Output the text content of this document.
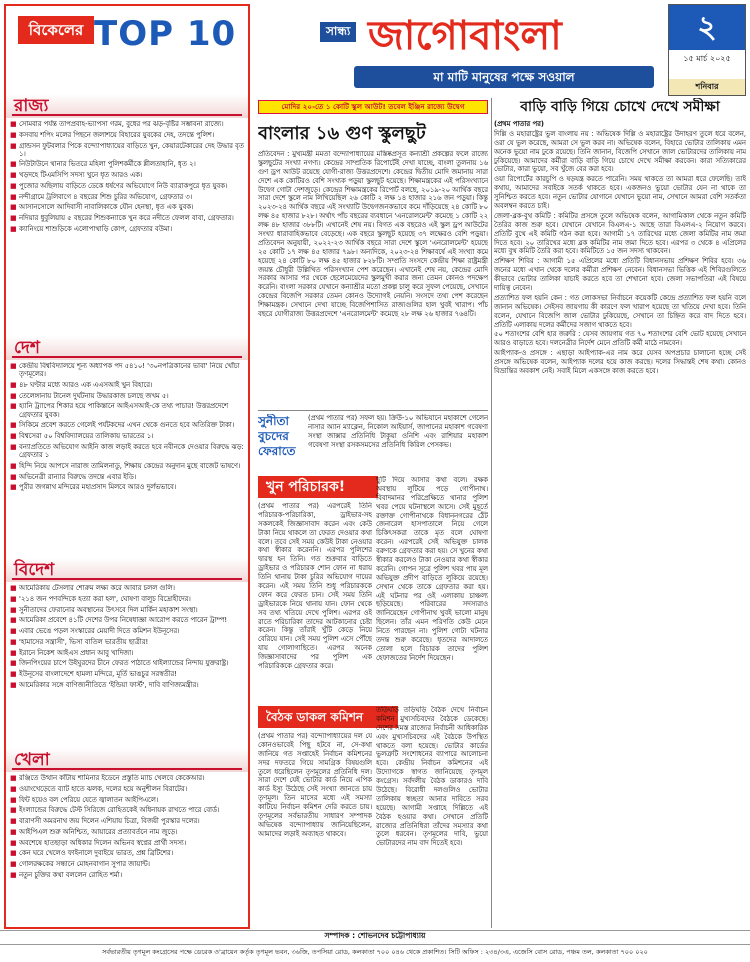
বিকেলের TOP 10
রাজ্য
■ সোমবার পর্যন্ত তাপপ্রবাহ-ভ্যাপসা গরম, বুধের পর ঝড়-বৃষ্টির সম্ভাবনা রাজ্যে।
■ কসবায় শপিং মলের পিছনে জলাশয়ে বিহারের যুবকের দেহ, তদন্তে পুলিশ।
■ গ্রান্ডসন ফুটবলার পিকে বন্দ্যোপাধ্যায়ের বাড়িতে খুন, কেয়ারটেকারের দেহ উদ্ধার বৃত ১।
■ নিউটাউনে থানার ভিতরে মহিলা পুলিশকর্মীকে শ্লীলতাহানি, ধৃত ২।
■ খড়দহে টিএমসিপি সদস্য খুনে ধৃত আরও এক।
■ পুজোর অছিলায় বাড়িতে ডেকে ধর্ষণের অভিযোগে নিউ ব্যারাকপুরে ধৃত যুবক।
■ নন্দীগ্রামে ট্রলিবাগে ৪ বছরের শিশু চুরির অভিযোগ, গ্রেফতার ৩।
■ আসানসোলে আদিবাসী নাবালিকাকে যৌন হেনস্থা, ধৃত এক যুবক।
■ নদিয়ার ধুবুলিয়ায় ৫ বছরের শিশুকন্যাকে খুন করে নদীতে ফেলল বাবা, গ্রেফতার।
■ ক্যানিংয়ে শাশুড়িকে এলোপাথাড়ি কোপ, গ্রেফতার বউমা।
দেশ
■ কেন্দ্রীয় বিশ্ববিদ্যালয়ে শূন্য অধ্যাপক পদ ৫৪১০! '৩০নপত্রিকানের ভাবা' নিয়ে খোঁচা তৃণমূলের।
■ ৪৮ ঘণ্টার মধ্যে আরও এক এএসআই খুন বিহারে।
■ তেলেঙ্গানায় টানেল দুর্ঘটনায় উদ্ধারকাজ চলছে জখম ৫।
■ হ্যানি ট্র্যাপের শিকার হয়ে পাকিস্তানে আইএসআই-কে তথ্য পাচার! উত্তরপ্রদেশে গ্রেফতার যুবক।
■ সিকিমে প্রবেশ করতে গেলেই পর্যটকদের এখন থেকে গুনতে হবে অতিরিক্ত টাকা।
■ বিশ্বসেরা ৫০ বিশ্ববিদ্যালয়ের তালিকায় ভারতের ১।
■ বন্যাপ্রতিতে অভিযোগ আইনি কাজ লড়াই করতে হবে নবীনকে দেওয়ার বিরুদ্ধে ঝড়: গ্রেফতার ১
■ হিন্দি নিয়ে আপসে নারাজ তামিলনাডু, শিক্ষায় কেন্দ্রের অনুদান মুছে বাজেট ভাষণে।
■ অভিনেত্রী রান্যার বিরুদ্ধে তদন্তে এবার ইডি।
■ পুরীর জগন্নাথ মন্দিরের মহাপ্রসাদ মিলবে আরও দুর্লভভাবে।
বিদেশ
■ আমেরিকায় টেসলার শোরুম লক্ষ্য করে আবার চলল গুলি।
■ '২১৪ জন পণবন্দিকে হত্যা করা হল', ঘোষণা বালুচ বিদ্রোহীদের।
■ সুনীতাদের ফেরানোর অবস্থানের উৎসবে দিল মার্কিন মহাকাশ সংস্থা।
■ আমেরিকা প্রবেশে ৪১টি দেশের উপর নিষেধাজ্ঞা আরোপ করতে পারেন ট্রাম্প!
■ এবার ভেঙে পড়ল সংস্কারের মেয়াদী দিতে কমিশন ইউনূসের।
■ 'হামাসের সন্ত্রাসী', ভিসা বাতিল ভারতীয় ছাত্রীর!
■ ইরানে নিকেশ আইএস প্রধান আবু খাদিজা।
■ জিনপিংয়ের চাপে উইঘুরদের চীনে ফেরত পাঠাতে থাইল্যান্ডের নিন্দায় যুক্তরাষ্ট্র।
■ ইউনূসের বাংলাদেশে হামলা মন্দিরে, মূর্তি ভাঙচুর সরস্বতীর!
■ আমেরিকার সঙ্গে বাণিজ্যনীতিতে 'ইন্ডিয়া ফার্স্ট', দাবি বাণিজ্যমন্ত্রীর।
খেলা
■ রঞ্জিতে উত্থান কাঁটায় শামিনার ইডেনে প্রস্তুতি ম্যাচ খেলবে কেকেআর।
■ ওয়াংখেড়েতে ব্যাট হাতে ঝলক, দলের হয়ে অনুশীলন বিরাটের।
■ ফিট হয়েও বল পেরিয়ে যেতে জ্বালাতন আইপিএলে।
■ ইংল্যান্ডের বিরুদ্ধে টেস্ট সিরিজে রোহিতকেই অধিনায়ক রাখতে পারে বোর্ড।
■ বারাণসী অমরনাথ জয় দিলেন এশিয়ায় চিত্রা, বিজয়ী পুরস্কার দলের।
■ আইপিএল শুরু অনিশ্চিত, আয়ারের প্রত্যাবর্তনে নাম জুড়ে।
■ অবশেষে হাতছাড়া অধিকার দিলেন অভিনব স্বপ্নের প্রার্থী সদস্য।
■ কেন ঘরে খেলেও ফাইনালে দুবাইয়ে ভারত, প্রশ্ন ব্রিটিশের।
■ গোলরক্ষকের সন্ধানে মোহনবাগান সুপার জায়ান্ট।
■ নতুন চুক্তির কথা বললেন রোহিত শর্মা।
সান্ধ্য জাগোবাংলা
মা মাটি মানুষের পক্ষে সওয়াল
২
১৫ মার্চ ২০২৫
শনিবার
মোদির ২০-তে ১ কোটি স্কুল আউট! তবেল ইঞ্জিন রাজ্যে উদ্বেগ
বাংলার ১৬ গুণ স্কুলছুট
প্রতিবেদন : মুখ্যমন্ত্রী মমতা বন্দ্যোপাধ্যায়ের মস্তিষ্কপ্রসূত কন্যাশ্রী প্রকল্পের ফলে রাজ্যে স্কুলছুটের সংখ্যা নগণ্য। কেন্দ্রের সাম্প্রতিক রিপোর্টেই দেখা যাচ্ছে, বাংলা তুলনায় ১৬ গুণ ড্রপ আউট রয়েছে যোগী-রাজ্য উত্তরপ্রদেশে। কেন্দ্রের দ্বিতীয় মোদি জমানায় সারা দেশে এক কোটিরও বেশি সংখ্যক পড়ুয়া স্কুলছুট হয়েছে। শিক্ষামন্ত্রকের এই পরিসংখ্যানে উদ্বেগ গোটা দেশজুড়ে। কেন্দ্রের শিক্ষামন্ত্রকের রিপোর্ট বলছে, ২০১৯-২০ আর্থিক বছরে সারা দেশে স্কুলে নাম লিখিয়েছিল ২৬ কোটি ২ লক্ষ ১৪ হাজার ২১৬ জন পড়ুয়া। কিন্তু ২০২৩-২৪ আর্থিক বছরে এই সংখ্যাটি উদ্বেগজনকভাবে কমে দাঁড়িয়েছে ২৪ কোটি ৮০ লক্ষ ৪৫ হাজার ৮২৮। অর্থাৎ পাঁচ বছরের ব্যবধানে 'এনরোলমেন্ট' কমেছে ১ কোটি ২২ লক্ষ ৪৮ হাজার ৩৮৮টি। এখানেই শেষ নয়। বিগত এক বছরেও এই স্কুল ড্রপ আউটের সংখ্যা ধারাবাহিকভাবে বেড়েছে। এক বছরে স্কুলছুট হয়েছে ৩৭ লক্ষেরও বেশি পড়ুয়া। প্রতিবেদন অনুযায়ী, ২০২২-২৩ আর্থিক বছরে সারা দেশে স্কুলে 'এনরোলমেন্ট' হয়েছে ২৫ কোটি ১৭ লক্ষ ৪৫ হাজার ৭৯৮। অন্যদিকে, ২০২৩-২৪ শিক্ষাবর্ষে এই সংখ্যা কমে হয়েছে ২৪ কোটি ৮০ লক্ষ ৪৫ হাজার ৮২৮টি। সম্প্রতি সংসদে কেন্দ্রীয় শিক্ষা রাষ্ট্রমন্ত্রী জয়ন্ত চৌধুরী উল্লিখিত পরিসংখ্যান পেশ করেছেন। এখানেই শেষ নয়, কেন্দ্রের মোদি সরকার আসার পর থেকে ছেলেমেয়েদের স্কুলমুখী করার জন্য তেমন কোনও পদক্ষেপ করেনি। বাংলা সরকার যেখানে কন্যাশ্রীর মতো প্রকল্প চালু করে সুফল পেয়েছে, সেখানে কেন্দ্রের বিজেপি সরকার তেমন কোনও উদ্যোগই নেয়নি। সংসদে তথ্য পেশ করেছেন শিক্ষামন্ত্রক। সেখানে দেখা যাচ্ছে বিজেপিশাসিত রাজ্যগুলির হাল খুবই খারাপ। পাঁচ বছরে যোগীরাজ্য উত্তরপ্রদেশে 'এনরোলমেন্ট' কমেছে ২৮ লক্ষ ২৬ হাজার ৭৬৪টি।
সুনীতা বুচদের ফেরাতে
(প্রথম পাতার পর) সফল হয়। ক্রিউ-১০ অভিযানে মহাকাশে গেলেন নাসার অ্যান ম্যাক্লেন, নিকোল আইয়ার্স, জাপানের মহাকাশ গবেষণা সংস্থা জাক্সার প্রতিনিধি টাকুয়া ওনিশি এবং রাশিয়ার মহাকাশ গবেষণা সংস্থা রসকসমসের প্রতিনিধি কিরিল পেসকভ।
খুন পরিচারক!
(প্রথম পাতার পর) এরপরেই তিনি পরিচারক-পরিচারিকা, ড্রাইভার-সহ সকলকেই জিজ্ঞাসাবাদ করেন এবং কেউ টাকা নিয়ে থাকলে তা ফেরত দেওয়ার কথা বলে। তবে সেই সময় কেউই টাকা নেওয়ার কথা স্বীকার করেননি। এরপর পুলিশের দ্বারস্থ হন তিনি। গত শুক্রবার বাড়িতে ড্রাইভার ও পরিচারক শোন ফোন না ধরায় তিনি থানায় টাকা চুরির অভিযোগ দায়ের করেন। এই সময় তিনি শুধু পরিচারককে ফোন করে ফেরত চান। সেই সময় তিনি ড্রাইভারকে নিয়ে থানায় যান। ফোন থেকে সব তথ্য খতিয়ে দেখে পুলিশ। এরপর ওই রাতে পরিচারিকা তাদের আটকানোর চেষ্টা করেন। কিন্তু তাঁরাই খুঁটি কেড়ে নিয়ে বেরিয়ে যান। সেই সময় পুলিশ এসে পৌঁছে যায় গোলাগাছিতে। এরপর অনেক জিজ্ঞাসাবাদের পর পুলিশ এক পরিচারিককে গ্রেফতার করে।
ছুটি দিয়ে আসার কথা বলে। রক্ষক অবস্থায় লুটিয়ে পড়ে গোপীনাথ। বিবাদমানর পরিপ্রেক্ষিতে থানার পুলিশ খবর পেয়ে ঘটনাস্থলে আসে। সেই মুহূর্তে রক্তাক্ত গোপীনাথকে বিধাননগরের ঠেঁট জেনারেল হাসপাতালে নিয়ে গেলে চিকিৎসকরা তাকে মৃত বলে ঘোষণা করেন। এরপরেই সেই অভিযুক্ত চালক বরুণকে গ্রেফতার করা হয়। সে খুনের কথা স্বীকার করলেও টাকা নেওয়ার কথা স্বীকার করেনি। গোপন সূত্রে পুলিশ খবর পায় মূল অভিযুক্ত প্রদীপ বাড়িতে লুকিয়ে রয়েছে। সেখান থেকে তাকে গ্রেফতার করা হয়। এই ঘটনার পর ওই এলাকায় চাঞ্চল্য ছড়িয়েছে। পরিবারের সদস্যরাও জানিয়েছেন গোপীনাথ খুবই ভালো মানুষ ছিলেন। তাঁর এমন পরিণতি কেউ মেনে নিতে পারছেন না। পুলিশ গোটা ঘটনার তদন্ত শুরু করেছে। ধৃতদের আদালতে তোলা হলে বিচারক তাদের পুলিশ হেফাজতের নির্দেশ দিয়েছেন।
বৈঠক ডাকল কমিশন
(প্রথম পাতার পর) বন্দ্যোপাধ্যায়ের দল যে কোনওভাবেই পিছু হটবে না, সে-কথা জানিয়ে গত সপ্তাহেই নির্বাচন কমিশনের সদর দফতরে গিয়ে সামগ্রিক বিষয়গুলি তুলে ধরেছিলেন তৃণমূলের প্রতিনিধি দল। সারা দেশে যেই ভোটার কার্ড নিয়ে এপিক কার্ড ইস্যু উঠেছে সেই সংখ্যা জানতে চায় তৃণমূল। তিন মাসের মধ্যে এই সমস্যা কাটিয়ে নির্বাচন কমিশন দেরি করতে চায়। তৃণমূলের সর্বভারতীয় সাধারণ সম্পাদক অভিষেক বন্দ্যোপাধ্যায় জানিয়েছিলেন, আমাদের লড়াই অব্যাহত থাকবে।
তড়িঘড়ি তড়িঘড়ি বৈঠক দেখে নির্বাচন কমিশন মুখ্যসচিবদের বৈঠকে ডেকেছে। দেশের সমস্ত রাজ্যের নির্বাচনী আধিকারিক এবং মুখ্যসচিবদের এই বৈঠকে উপস্থিত থাকতে বলা হয়েছে। ভোটার কার্ডের ভুলত্রুটি সংশোধনের ব্যাপারে আলোচনা হবে। কেন্দ্রীয় নির্বাচন কমিশনের এই উদ্যোগকে স্বাগত জানিয়েছে তৃণমূল কংগ্রেস। সর্বদলীয় বৈঠক ডাকারও দাবি উঠেছে। বিরোধী দলগুলিও ভোটার তালিকায় স্বচ্ছতা আনার দাবিতে সরব হয়েছে। আগামী সপ্তাহে দিল্লিতে এই বৈঠক হওয়ার কথা। সেখানে প্রতিটি রাজ্যের প্রতিনিধিরা তাঁদের সমস্যার কথা তুলে ধরবেন। তৃণমূলের দাবি, ভুয়ো ভোটারদের নাম বাদ দিতেই হবে।
বাড়ি বাড়ি গিয়ে চোখে দেখে সমীক্ষা

(প্রথম পাতার পর)

দিল্লি ও মহারাষ্ট্রের ভুল বাংলায় নয় : অভিষেক দিল্লি ও মহারাষ্ট্রের উদাহরণ তুলে ধরে বলেন, ওরা যে ভুল করেছে, আমরা সে ভুল করব না। অভিষেক বলেন, বিহারে ভোটার তালিকায় এমন অনেক ভুয়ো নাম ঢুকে রয়েছে। তিনি জানান, বিজেপি সেখানে জাল ভোটারদের তালিকায় নাম ঢুকিয়েছে। আমাদের কর্মীরা বাড়ি বাড়ি গিয়ে চোখে দেখে সমীক্ষা করবেন। কারা সত্যিকারের ভোটার, কারা ভুয়ো, সব খুঁজে বের করা হবে।

ওয়া রিপোর্টের কারচুপি ও ষড়যন্ত্র করতে পারেনি। সময় থাকতে তা আমরা ধরে ফেলেছি। তাই কথায়, আমাদের সবাইকে সতর্ক থাকতে হবে। একজনও ভুয়ো ভোটার যেন না থাকে তা সুনিশ্চিত করতে হবে। নতুন ভোটার যোগানে যেখানে ভুয়ো নাম, সেখানে আমরা বেশি সতর্কতা অবলম্বন করতে চাই।

জেলা-ব্লক-বুথ কমিটি : কমিটির প্রসঙ্গে তুলে অভিষেক বলেন, আগামিকাল থেকে নতুন কমিটি তৈরির কাজ শুরু হবে। যেখানে যেখানে বিএলএ-১ আছে তারা বিএলএ-২ নিয়োগ করবে। প্রতিটি বুথে এই কমিটি গঠন করা হবে। আগামী ১৭ তারিখের মধ্যে জেলা কমিটির নাম জমা দিতে হবে। ২০ তারিখের মধ্যে ব্লক কমিটির নাম জমা দিতে হবে। এরপর ৩ থেকে ৪ এপ্রিলের মধ্যে বুথ কমিটি তৈরি করা হবে। কমিটিতে ১৫ জন সদস্য থাকবেন।

প্রশিক্ষণ শিবির : আগামী ১৫ এপ্রিলের মধ্যে প্রতিটি বিধানসভায় প্রশিক্ষণ শিবির হবে। ৩৬ জনের মধ্যে এখান থেকে দলের কর্মীরা প্রশিক্ষণ নেবেন। বিধানসভা ভিত্তিক এই শিবিরগুলিতে কীভাবে ভোটার তালিকা যাচাই করতে হবে তা শেখানো হবে। জেলা সভাপতিরা এই বিষয়ে দায়িত্ব নেবেন।

প্রত্যাশিত ফল হয়নি কেন : গত লোকসভা নির্বাচনে কয়েকটি কেন্দ্রে প্রত্যাশিত ফল হয়নি বলে জানান অভিষেক। সেইসব জায়গায় কী কারণে ফল খারাপ হয়েছে তা খতিয়ে দেখা হবে। তিনি বলেন, যেখানে বিজেপি জাল ভোটার ঢুকিয়েছে, সেখানে তা চিহ্নিত করে বাদ দিতে হবে। প্রতিটি এলাকায় দলের কর্মীদের সজাগ থাকতে হবে।

৫০ শতাংশের বেশি হার জরুরি : যেসব জায়গায় গত ৭০ শতাংশের বেশি ভোট হয়েছে সেখানে আরও বাড়াতে হবে। দলনেত্রীর নির্দেশ মেনে প্রতিটি কর্মী মাঠে নামবেন।

আইপ্যাক-ও প্রসঙ্গে : এছাড়া আইপ্যাক-এর নাম করে যেসব অপপ্রচার চালানো হচ্ছে সেই প্রসঙ্গে অভিষেক বলেন, আইপ্যাক দলের হয়ে কাজ করছে। দলের সিদ্ধান্তই শেষ কথা। কোনও বিভ্রান্তির অবকাশ নেই। সবাই মিলে একসঙ্গে কাজ করতে হবে।

সম্পাদক : শোভনদেব চট্টোপাধ্যায়
সর্বভারতীয় তৃণমূল কংগ্রেসের পক্ষে ডেরেক ও'ব্রায়েন কর্তৃক তৃণমূল ভবন, ৩৬জি, তপসিয়া রোড, কলকাতা ৭০০ ০৪৬ থেকে প্রকাশিত। সিটি অফিস : ২৩৪/৩এ, এজেসি বোস রোড, পঞ্চম তল, কলকাতা ৭০০ ০২০
